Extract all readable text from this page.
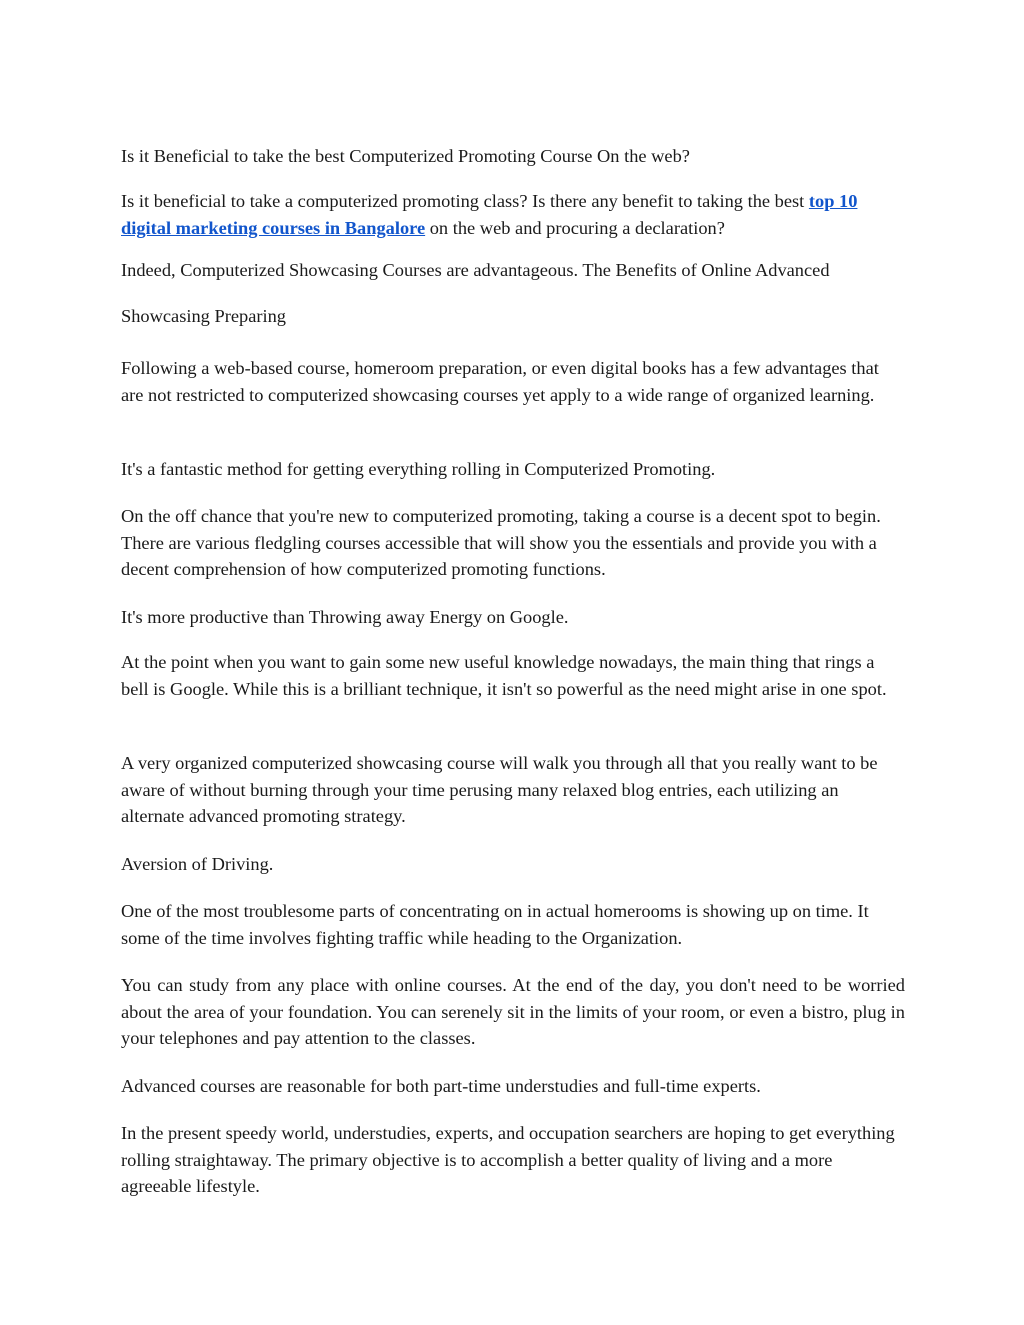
Is it Beneficial to take the best Computerized Promoting Course On the web?

Is it beneficial to take a computerized promoting class? Is there any benefit to taking the best top 10 digital marketing courses in Bangalore on the web and procuring a declaration?

Indeed, Computerized Showcasing Courses are advantageous. The Benefits of Online Advanced

Showcasing Preparing

Following a web-based course, homeroom preparation, or even digital books has a few advantages that are not restricted to computerized showcasing courses yet apply to a wide range of organized learning.

It's a fantastic method for getting everything rolling in Computerized Promoting.

On the off chance that you're new to computerized promoting, taking a course is a decent spot to begin. There are various fledgling courses accessible that will show you the essentials and provide you with a decent comprehension of how computerized promoting functions.

It's more productive than Throwing away Energy on Google.

At the point when you want to gain some new useful knowledge nowadays, the main thing that rings a bell is Google. While this is a brilliant technique, it isn't so powerful as the need might arise in one spot.

A very organized computerized showcasing course will walk you through all that you really want to be aware of without burning through your time perusing many relaxed blog entries, each utilizing an alternate advanced promoting strategy.

Aversion of Driving.

One of the most troublesome parts of concentrating on in actual homerooms is showing up on time. It some of the time involves fighting traffic while heading to the Organization.

You can study from any place with online courses. At the end of the day, you don't need to be worried about the area of your foundation. You can serenely sit in the limits of your room, or even a bistro, plug in your telephones and pay attention to the classes.

Advanced courses are reasonable for both part-time understudies and full-time experts.

In the present speedy world, understudies, experts, and occupation searchers are hoping to get everything rolling straightaway. The primary objective is to accomplish a better quality of living and a more agreeable lifestyle.
